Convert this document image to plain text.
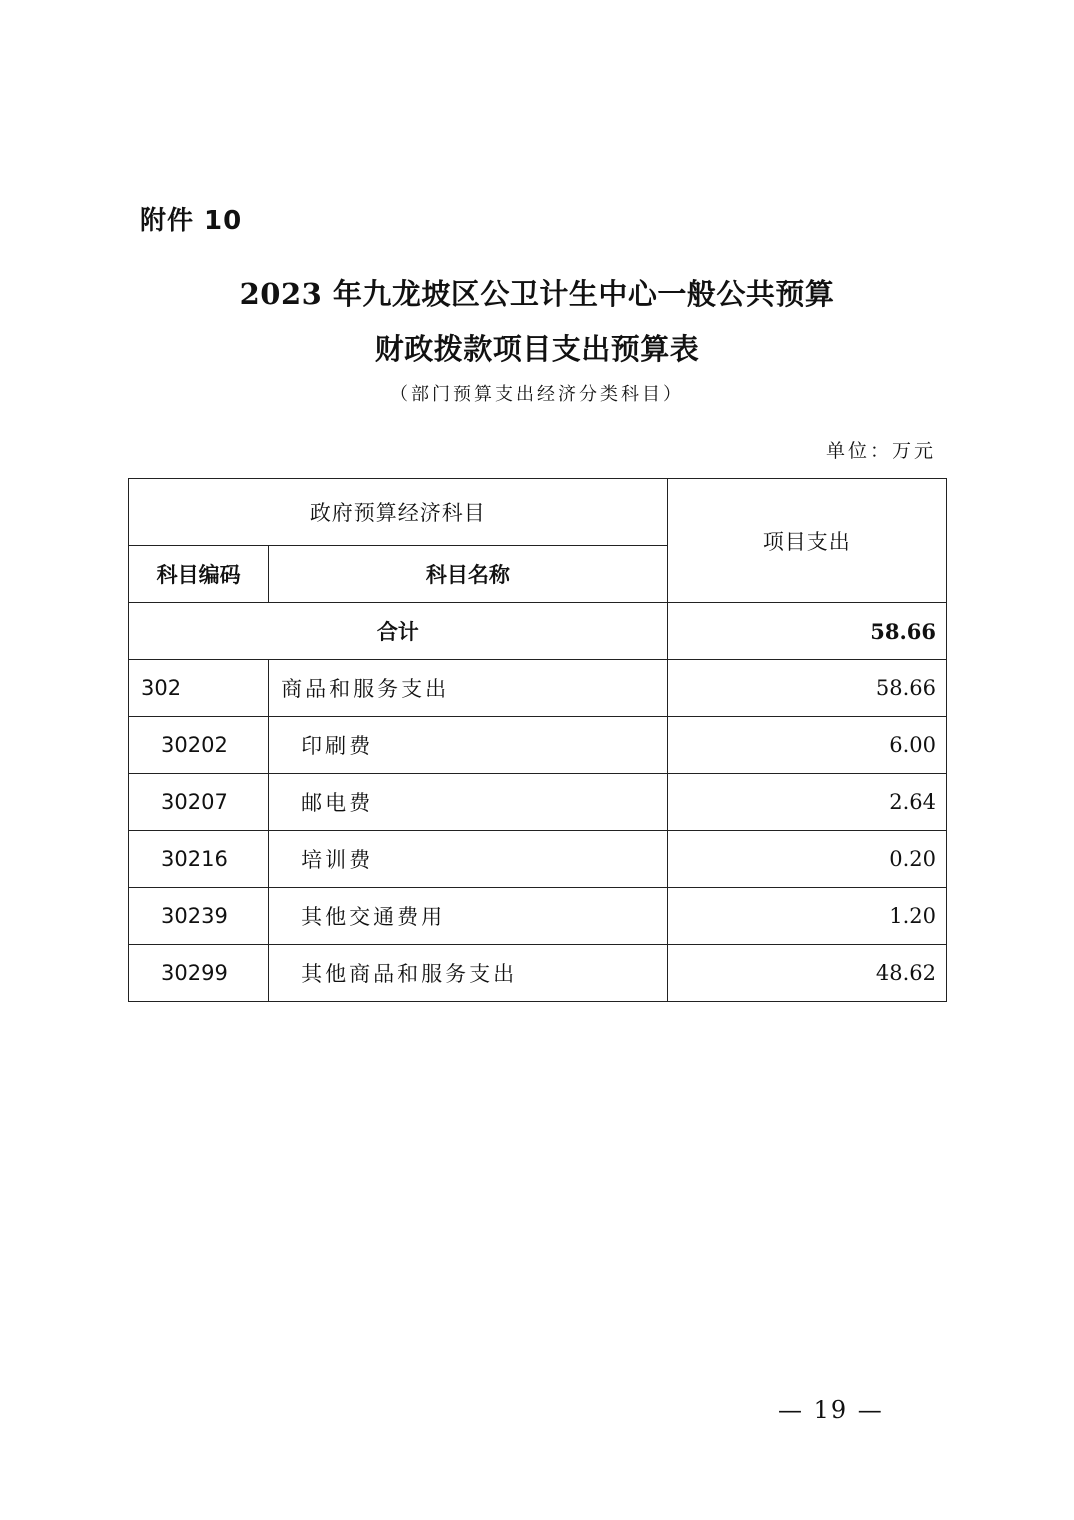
附件 10
2023 年九龙坡区公卫计生中心一般公共预算
财政拨款项目支出预算表
（部门预算支出经济分类科目）
单位：万元
政府预算经济科目		项目支出
科目编码	科目名称	
合计		58.66
302	商品和服务支出	58.66
30202	印刷费	6.00
30207	邮电费	2.64
30216	培训费	0.20
30239	其他交通费用	1.20
30299	其他商品和服务支出	48.62
— 19 —
